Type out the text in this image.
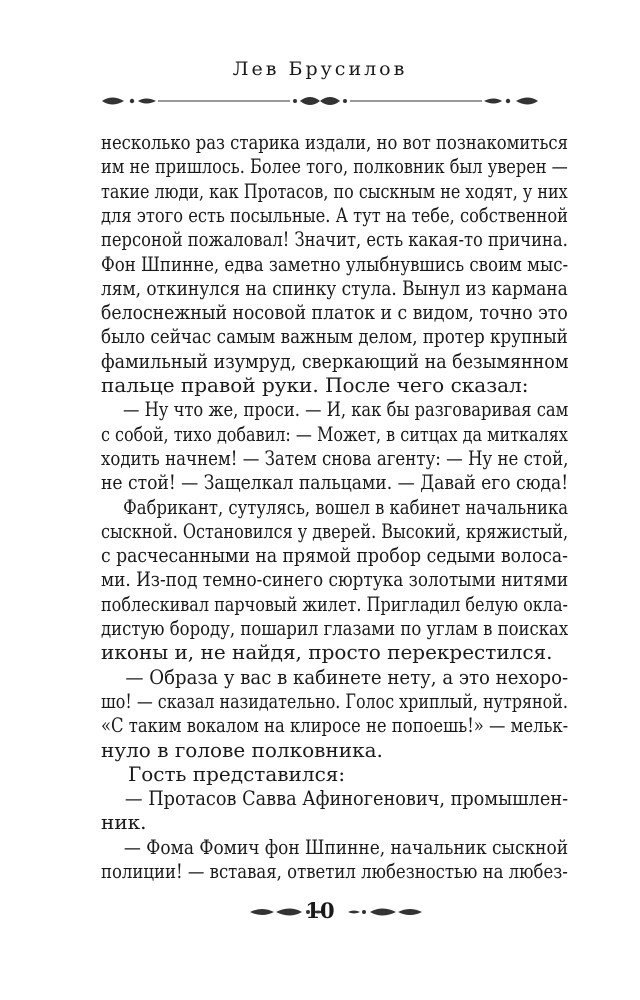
Лев Брусилов
несколько раз старика издали, но вот познакомиться
им не пришлось. Более того, полковник был уверен —
такие люди, как Протасов, по сыскным не ходят, у них
для этого есть посыльные. А тут на тебе, собственной
персоной пожаловал! Значит, есть какая-то причина.
Фон Шпинне, едва заметно улыбнувшись своим мыс-
лям, откинулся на спинку стула. Вынул из кармана
белоснежный носовой платок и с видом, точно это
было сейчас самым важным делом, протер крупный
фамильный изумруд, сверкающий на безымянном
пальце правой руки. После чего сказал:
— Ну что же, проси. — И, как бы разговаривая сам
с собой, тихо добавил: — Может, в ситцах да миткалях
ходить начнем! — Затем снова агенту: — Ну не стой,
не стой! — Защелкал пальцами. — Давай его сюда!
Фабрикант, сутулясь, вошел в кабинет начальника
сыскной. Остановился у дверей. Высокий, кряжистый,
с расчесанными на прямой пробор седыми волоса-
ми. Из-под темно-синего сюртука золотыми нитями
поблескивал парчовый жилет. Пригладил белую окла-
дистую бороду, пошарил глазами по углам в поисках
иконы и, не найдя, просто перекрестился.
— Образа у вас в кабинете нету, а это нехоро-
шо! — сказал назидательно. Голос хриплый, нутряной.
«С таким вокалом на клиросе не попоешь!» — мельк-
нуло в голове полковника.
Гость представился:
— Протасов Савва Афиногенович, промышлен-
ник.
— Фома Фомич фон Шпинне, начальник сыскной
полиции! — вставая, ответил любезностью на любез-
10
